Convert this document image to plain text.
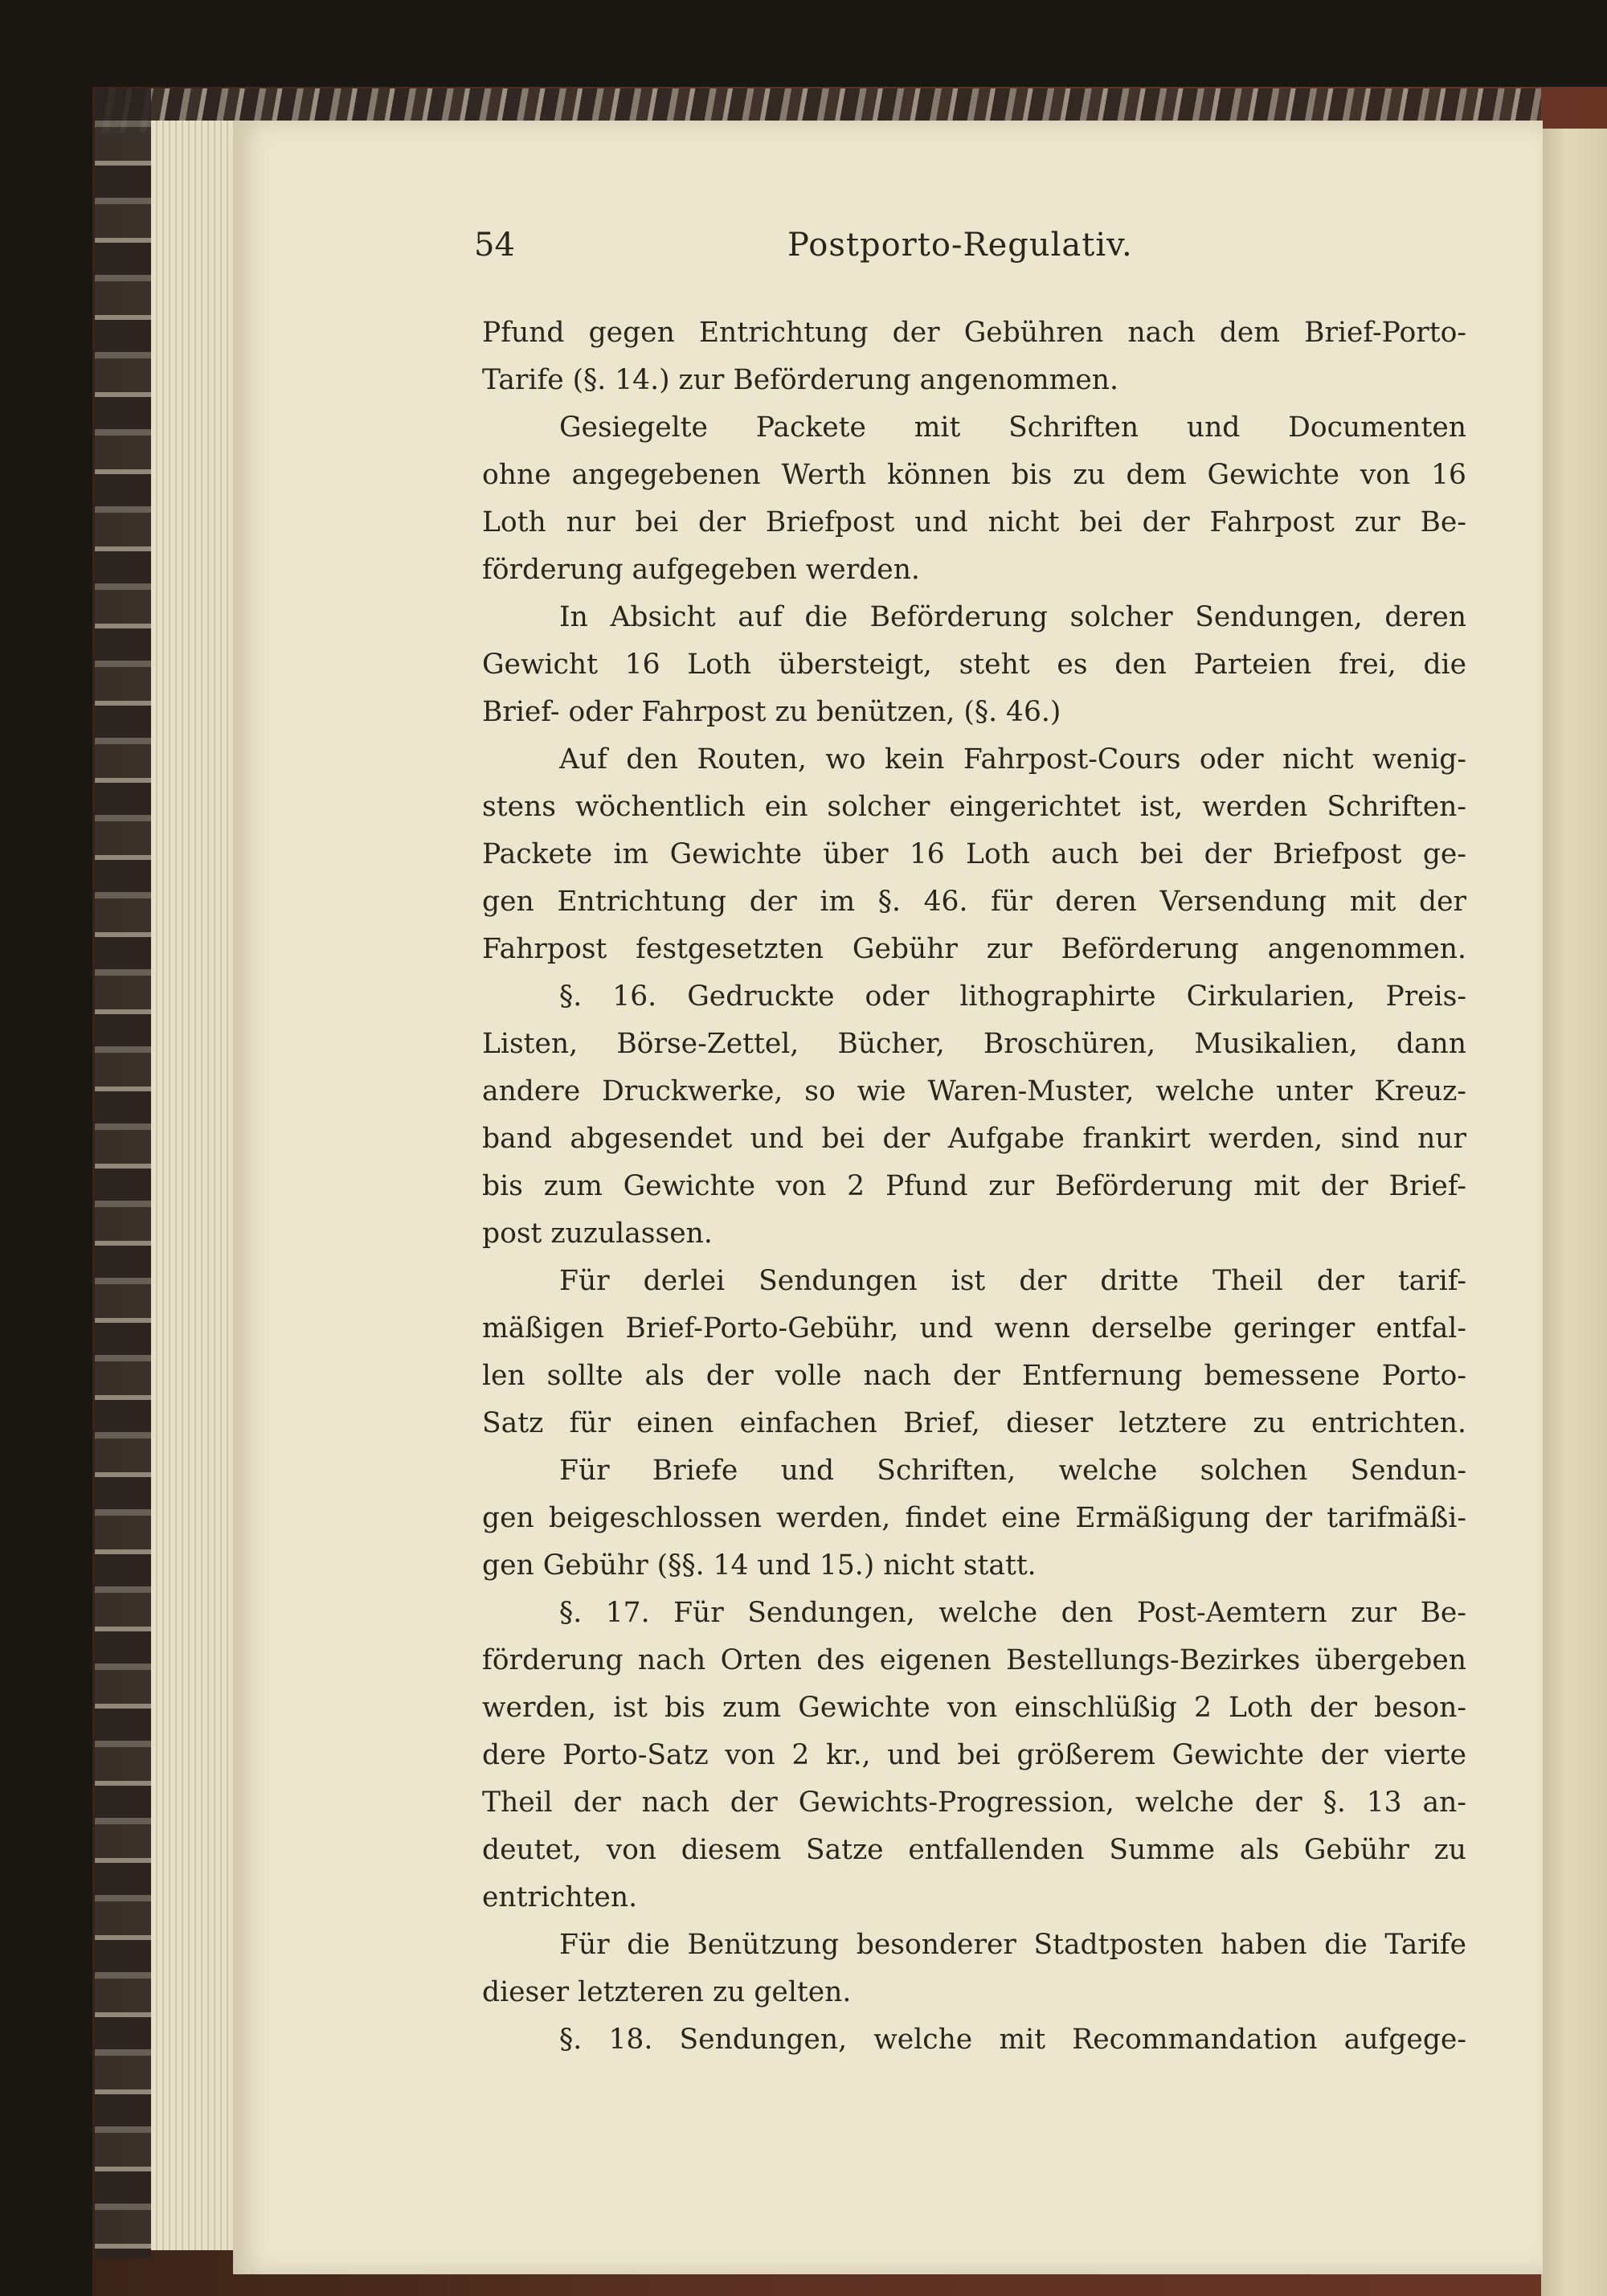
54	Postporto-Regulativ.
Pfund gegen Entrichtung der Gebühren nach dem Brief-Porto-
Tarife (§. 14.) zur Beförderung angenommen.
Gesiegelte Packete mit Schriften und Documenten
ohne angegebenen Werth können bis zu dem Gewichte von 16
Loth nur bei der Briefpost und nicht bei der Fahrpost zur Be-
förderung aufgegeben werden.
In Absicht auf die Beförderung solcher Sendungen, deren
Gewicht 16 Loth übersteigt, steht es den Parteien frei, die
Brief- oder Fahrpost zu benützen, (§. 46.)
Auf den Routen, wo kein Fahrpost-Cours oder nicht wenig-
stens wöchentlich ein solcher eingerichtet ist, werden Schriften-
Packete im Gewichte über 16 Loth auch bei der Briefpost ge-
gen Entrichtung der im §. 46. für deren Versendung mit der
Fahrpost festgesetzten Gebühr zur Beförderung angenommen.
§. 16. Gedruckte oder lithographirte Cirkularien, Preis-
Listen, Börse-Zettel, Bücher, Broschüren, Musikalien, dann
andere Druckwerke, so wie Waren-Muster, welche unter Kreuz-
band abgesendet und bei der Aufgabe frankirt werden, sind nur
bis zum Gewichte von 2 Pfund zur Beförderung mit der Brief-
post zuzulassen.
Für derlei Sendungen ist der dritte Theil der tarif-
mäßigen Brief-Porto-Gebühr, und wenn derselbe geringer entfal-
len sollte als der volle nach der Entfernung bemessene Porto-
Satz für einen einfachen Brief, dieser letztere zu entrichten.
Für Briefe und Schriften, welche solchen Sendun-
gen beigeschlossen werden, findet eine Ermäßigung der tarifmäßi-
gen Gebühr (§§. 14 und 15.) nicht statt.
§. 17. Für Sendungen, welche den Post-Aemtern zur Be-
förderung nach Orten des eigenen Bestellungs-Bezirkes übergeben
werden, ist bis zum Gewichte von einschlüßig 2 Loth der beson-
dere Porto-Satz von 2 kr., und bei größerem Gewichte der vierte
Theil der nach der Gewichts-Progression, welche der §. 13 an-
deutet, von diesem Satze entfallenden Summe als Gebühr zu
entrichten.
Für die Benützung besonderer Stadtposten haben die Tarife
dieser letzteren zu gelten.
§. 18. Sendungen, welche mit Recommandation aufgege-
